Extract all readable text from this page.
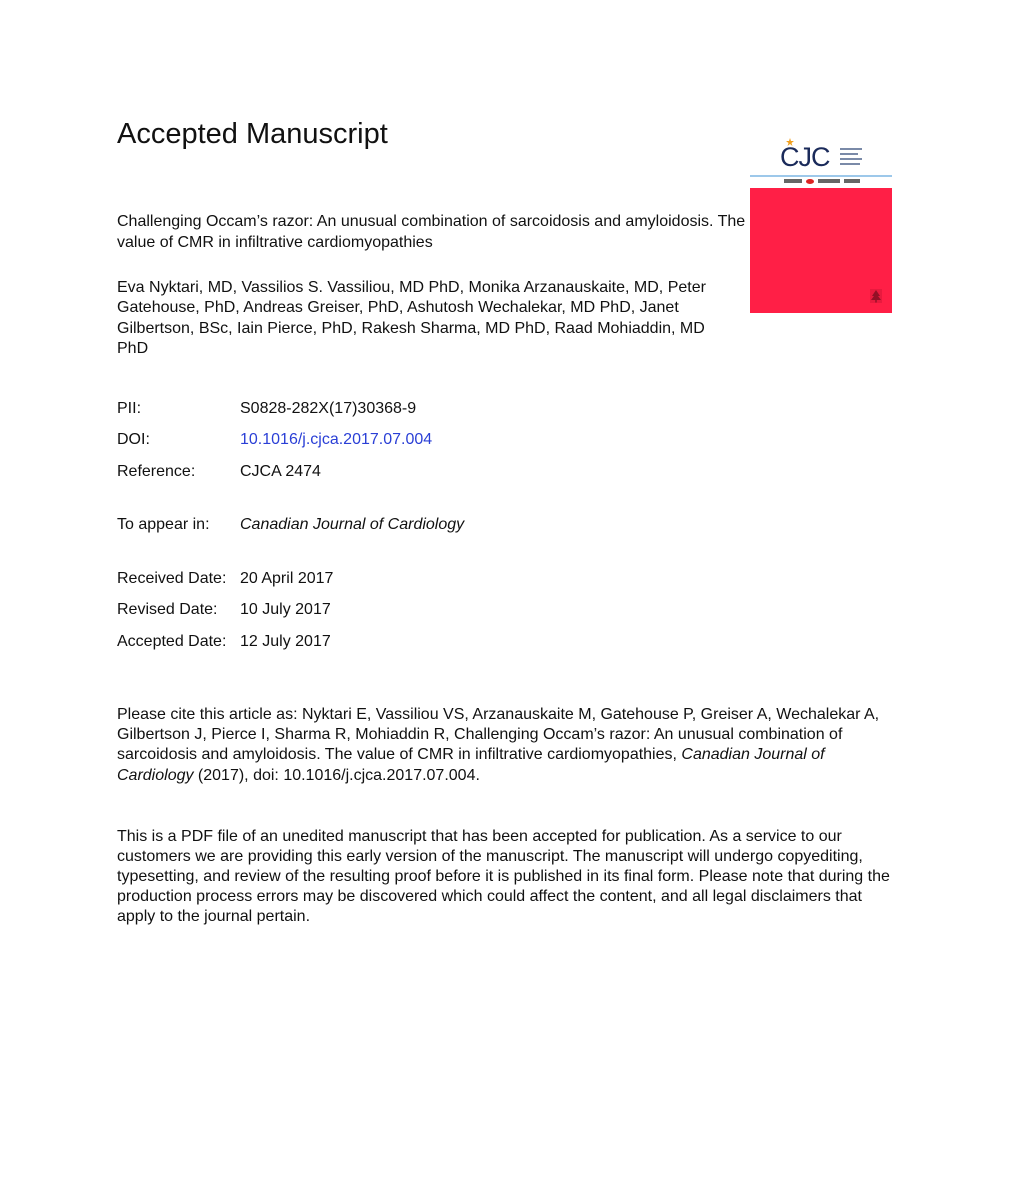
Accepted Manuscript
CJC

Challenging Occam’s razor: An unusual combination of sarcoidosis and amyloidosis. The value of CMR in infiltrative cardiomyopathies

Eva Nyktari, MD, Vassilios S. Vassiliou, MD PhD, Monika Arzanauskaite, MD, Peter Gatehouse, PhD, Andreas Greiser, PhD, Ashutosh Wechalekar, MD PhD, Janet Gilbertson, BSc, Iain Pierce, PhD, Rakesh Sharma, MD PhD, Raad Mohiaddin, MD PhD

PII:	S0828-282X(17)30368-9
DOI:	10.1016/j.cjca.2017.07.004
Reference:	CJCA 2474
To appear in: Canadian Journal of Cardiology
Received Date: 20 April 2017
Revised Date: 10 July 2017
Accepted Date: 12 July 2017

Please cite this article as: Nyktari E, Vassiliou VS, Arzanauskaite M, Gatehouse P, Greiser A, Wechalekar A, Gilbertson J, Pierce I, Sharma R, Mohiaddin R, Challenging Occam’s razor: An unusual combination of sarcoidosis and amyloidosis. The value of CMR in infiltrative cardiomyopathies, Canadian Journal of Cardiology (2017), doi: 10.1016/j.cjca.2017.07.004.

This is a PDF file of an unedited manuscript that has been accepted for publication. As a service to our customers we are providing this early version of the manuscript. The manuscript will undergo copyediting, typesetting, and review of the resulting proof before it is published in its final form. Please note that during the production process errors may be discovered which could affect the content, and all legal disclaimers that apply to the journal pertain.
